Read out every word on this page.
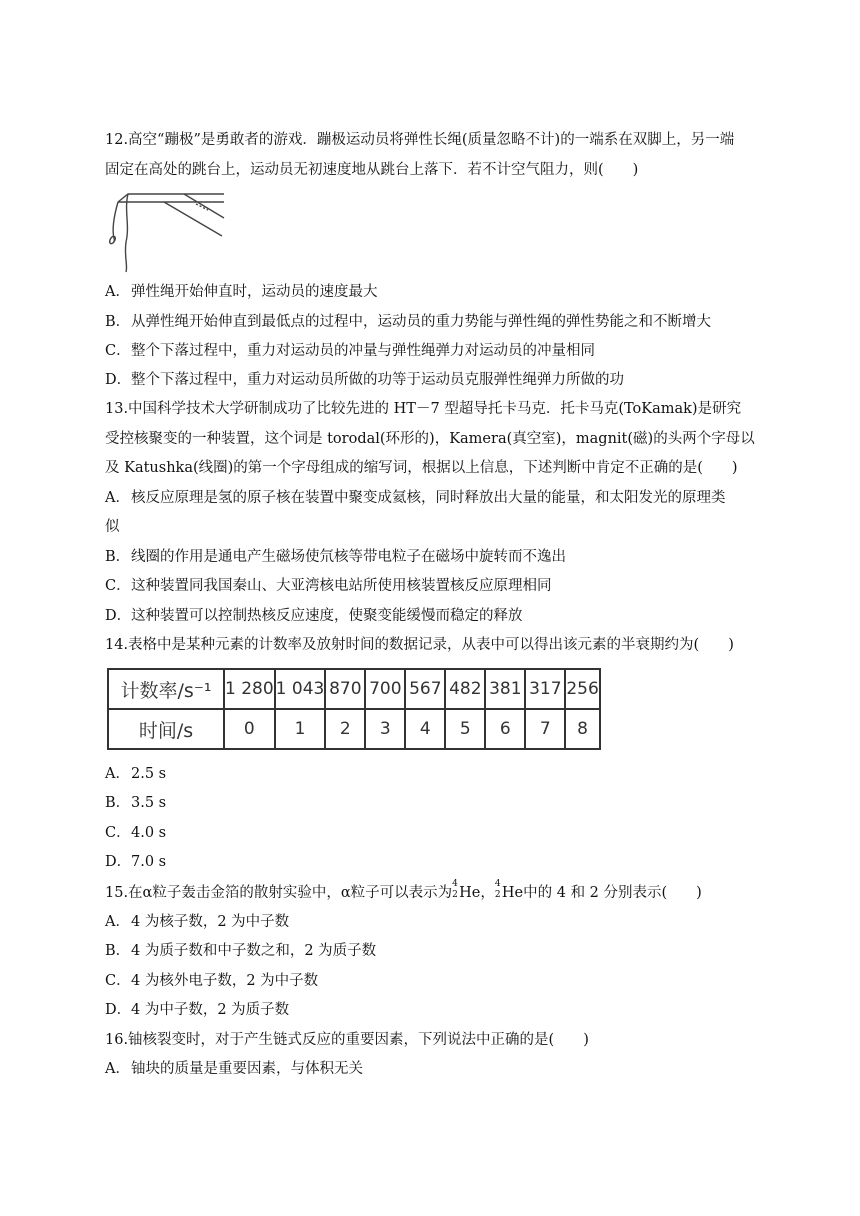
12.高空“蹦极”是勇敢者的游戏．蹦极运动员将弹性长绳(质量忽略不计)的一端系在双脚上，另一端
固定在高处的跳台上，运动员无初速度地从跳台上落下．若不计空气阻力，则(　　)
A．弹性绳开始伸直时，运动员的速度最大
B．从弹性绳开始伸直到最低点的过程中，运动员的重力势能与弹性绳的弹性势能之和不断增大
C．整个下落过程中，重力对运动员的冲量与弹性绳弹力对运动员的冲量相同
D．整个下落过程中，重力对运动员所做的功等于运动员克服弹性绳弹力所做的功
13.中国科学技术大学研制成功了比较先进的 HT－7 型超导托卡马克．托卡马克(ToKamak)是研究
受控核聚变的一种装置，这个词是 torodal(环形的)，Kamera(真空室)，magnit(磁)的头两个字母以
及 Katushka(线圈)的第一个字母组成的缩写词，根据以上信息，下述判断中肯定不正确的是(　　)
A．核反应原理是氢的原子核在装置中聚变成氦核，同时释放出大量的能量，和太阳发光的原理类
似
B．线圈的作用是通电产生磁场使氘核等带电粒子在磁场中旋转而不逸出
C．这种装置同我国秦山、大亚湾核电站所使用核装置核反应原理相同
D．这种装置可以控制热核反应速度，使聚变能缓慢而稳定的释放
14.表格中是某种元素的计数率及放射时间的数据记录，从表中可以得出该元素的半衰期约为(　　)
计数率/s⁻¹	1 280	1 043	870	700	567	482	381	317	256
时间/s	0	1	2	3	4	5	6	7	8
A．2.5 s
B．3.5 s
C．4.0 s
D．7.0 s
15.在α粒子轰击金箔的散射实验中，α粒子可以表示为
4
2 He，
4
2 He中的 4 和 2 分别表示(　　)
A．4 为核子数，2 为中子数
B．4 为质子数和中子数之和，2 为质子数
C．4 为核外电子数，2 为中子数
D．4 为中子数，2 为质子数
16.铀核裂变时，对于产生链式反应的重要因素，下列说法中正确的是(　　)
A．铀块的质量是重要因素，与体积无关
